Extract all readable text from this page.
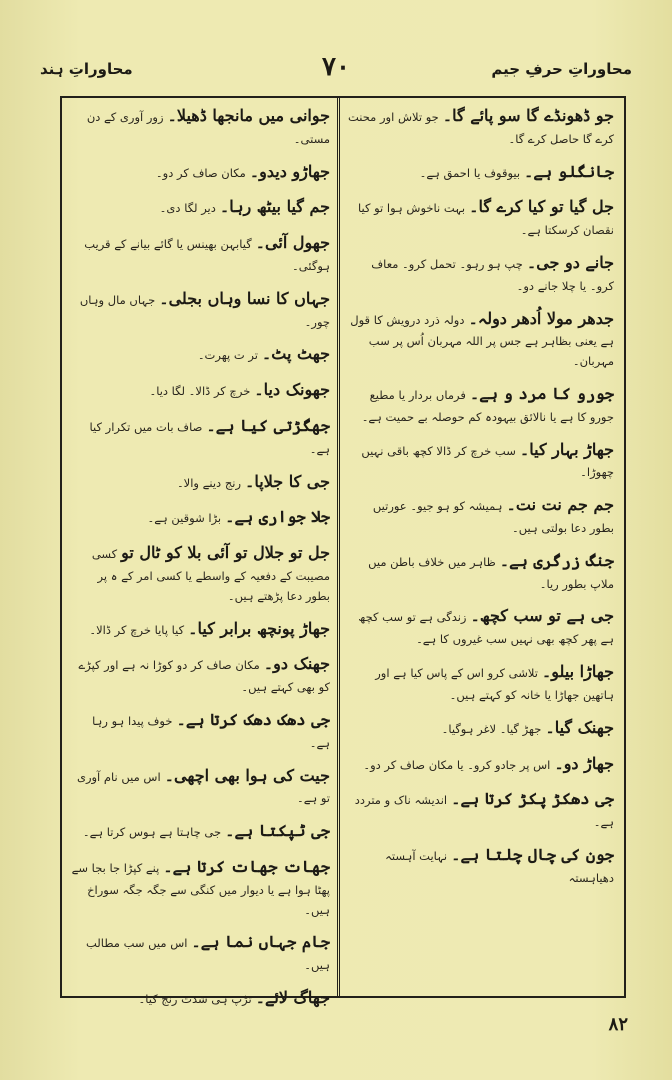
محاوراتِ ہند	٧٠	محاوراتِ حرفِ جیم

جو ڈھونڈے گا سو پائے گا۔ جو تلاش اور محنت کرے گا حاصل کرے گا۔

جانگلو ہے۔ بیوقوف یا احمق ہے۔

جل گیا تو کیا کرے گا۔ بہت ناخوش ہوا تو کیا نقصان کرسکتا ہے۔

جانے دو جی۔ چپ ہو رہو۔ تحمل کرو۔ معاف کرو۔ یا چلا جانے دو۔

جدھر مولا اُدھر دولہ۔ دولہ ذرد درویش کا قول ہے یعنی بظاہر ہے جس پر اللہ مہربان اُس پر سب مہربان۔

جورو کا مرد و ہے۔ فرماں بردار یا مطیع جورو کا ہے یا نالائق بیہودہ کم حوصلہ بے حمیت ہے۔

جھاڑ بہار کیا۔ سب خرچ کر ڈالا کچھ باقی نہیں چھوڑا۔

جم جم نت نت۔ ہمیشہ کو ہو جیو۔ عورتیں بطور دعا بولتی ہیں۔

جنگ زرگری ہے۔ ظاہر میں خلاف باطن میں ملاپ بطور ریا۔

جی ہے تو سب کچھ۔ زندگی ہے تو سب کچھ ہے پھر کچھ بھی نہیں سب غیروں کا ہے۔

جھاڑا بیلو۔ تلاشی کرو اس کے پاس کیا ہے اور ہاتھین جھاڑا یا خانہ کو کہتے ہیں۔

جھنک گیا۔ جھڑ گیا۔ لاغر ہوگیا۔

جھاڑ دو۔ اس پر جادو کرو۔ یا مکان صاف کر دو۔

جی دھکڑ پکڑ کرتا ہے۔ اندیشہ ناک و متردد ہے۔

جون کی چال چلتا ہے۔ نہایت آہستہ دھیاہستہ

جوانی میں مانجھا ڈھیلا۔ زور آوری کے دن مستی۔

جھاڑو دیدو۔ مکان صاف کر دو۔

جم گیا بیٹھ رہا۔ دیر لگا دی۔

جھول آئی۔ گیابہن بھینس یا گائے بیانے کے قریب ہوگئی۔

جہاں کا نسا وہاں بجلی۔ جہاں مال وہاں چور۔

جھٹ پٹ۔ تر ت پھرت۔

جھونک دیا۔ خرچ کر ڈالا۔ لگا دیا۔

جھگڑتی کیا ہے۔ صاف بات میں تکرار کیا ہے۔

جی کا جلاپا۔ رنج دینے والا۔

جلا جواری ہے۔ بڑا شوقین ہے۔

جل تو جلال تو آئی بلا کو ٹال تو کسی مصیبت کے دفعیہ کے واسطے یا کسی امر کے ہ پر بطور دعا پڑھتے ہیں۔

جھاڑ پونچھ برابر کیا۔ کیا پایا خرچ کر ڈالا۔

جھنک دو۔ مکان صاف کر دو کوڑا نہ ہے اور کپڑے کو بھی کہتے ہیں۔

جی دھک دھک کرتا ہے۔ خوف پیدا ہو رہا ہے۔

جیت کی ہوا بھی اچھی۔ اس میں نام آوری تو ہے۔

جی ٹپکتا ہے۔ جی چاہتا ہے ہوس کرتا ہے۔

جھات جھات کرتا ہے۔ پنے کپڑا جا بجا سے پھٹا ہوا ہے یا دیوار میں کنگی سے جگہ جگہ سوراخ ہیں۔

جام جہاں نما ہے۔ اس میں سب مطالب ہیں۔

جھاگ لائے۔ تڑپ ہی شدت رنج کیا۔

٨٢
